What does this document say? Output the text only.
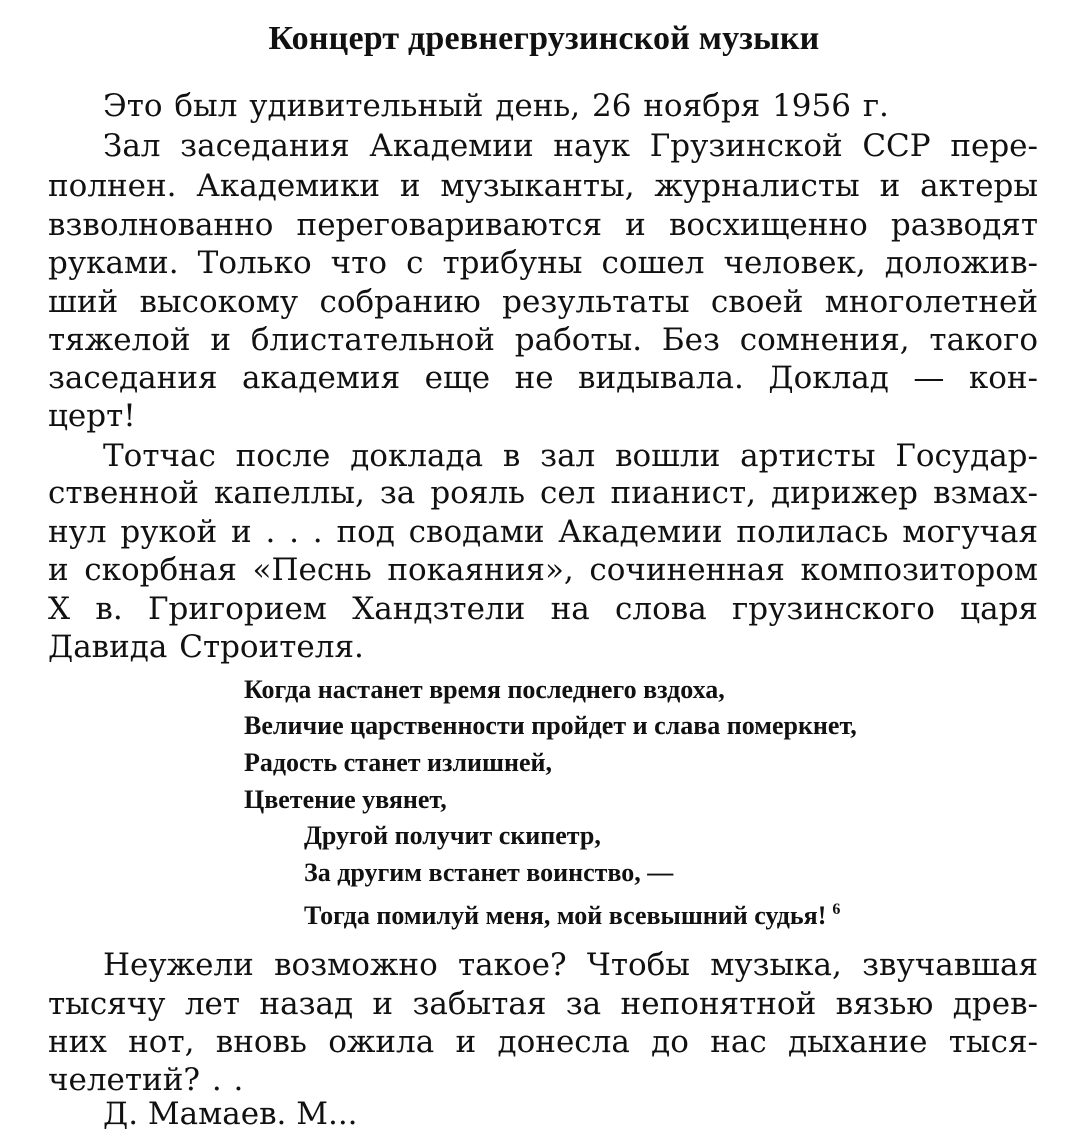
Концерт древнегрузинской музыки
Это был удивительный день, 26 ноября 1956 г.
Зал заседания Академии наук Грузинской ССР пере-
полнен. Академики и музыканты, журналисты и актеры
взволнованно переговариваются и восхищенно разводят
руками. Только что с трибуны сошел человек, доложив-
ший высокому собранию результаты своей многолетней
тяжелой и блистательной работы. Без сомнения, такого
заседания академия еще не видывала. Доклад — кон-
церт!
Тотчас после доклада в зал вошли артисты Государ-
ственной капеллы, за рояль сел пианист, дирижер взмах-
нул рукой и . . . под сводами Академии полилась могучая
и скорбная «Песнь покаяния», сочиненная композитором
X в. Григорием Хандзтели на слова грузинского царя
Давида Строителя.
Когда настанет время последнего вздоха,
Величие царственности пройдет и слава померкнет,
Радость станет излишней,
Цветение увянет,
Другой получит скипетр,
За другим встанет воинство, —
Тогда помилуй меня, мой всевышний судья! $^6$
Неужели возможно такое? Чтобы музыка, звучавшая
тысячу лет назад и забытая за непонятной вязью древ-
них нот, вновь ожила и донесла до нас дыхание тыся-
челетий? . .
Д. Мамаев. М...
